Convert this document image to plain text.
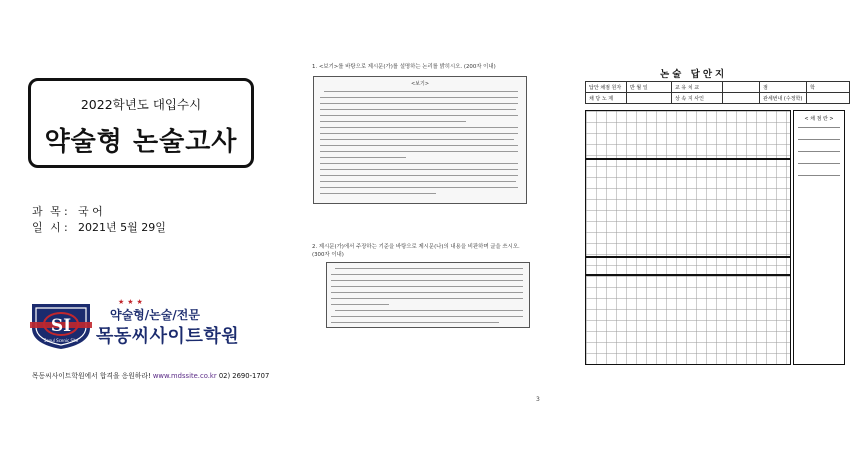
2022학년도 대입수시
약술형 논술고사
과 목: 국 어
일 시: 2021년 5월 29일
SI
Seoul Scenic Site
★★★
약술형/논술/전문
목동씨사이트학원
목동씨사이트학원에서 합격을 응원하라! www.mdssite.co.kr 02) 2690-1707
1. <보기>를 바탕으로 제시문(가)를 설명하는 논리를 밝히시오. (200자 이내)
<보기>
2. 제시문(가)에서 주장하는 기준을 바탕으로 제시문(나)의 내용을 비판하며 글을 쓰시오. (300자 이내)
3
논술 답안지
답안 채점 원자	반 월 일	교 유 치 교		점	학
채 당 노 제		상 속 지 사인		관세번내 (수정학)	
< 채 점 란 >
